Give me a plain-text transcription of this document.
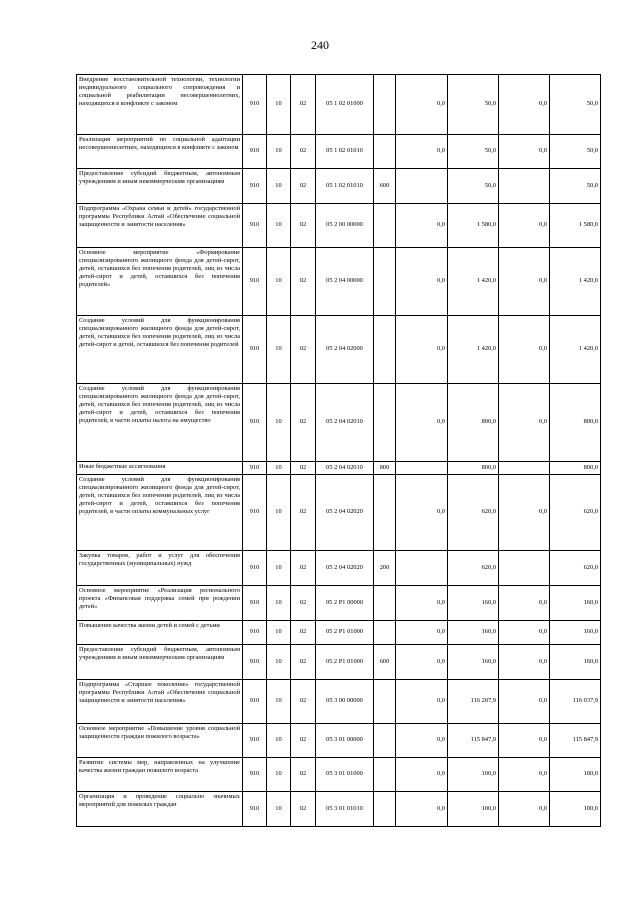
240
Внедрение восстановительной технологии, технологии индивидуального социального сопровождения и социальной реабилитации несовершеннолетних, находящихся в конфликте с законом	910	10	02	05 1 02 01000		0,0	50,0	0,0	50,0
Реализация мероприятий по социальной адаптации несовершеннолетних, находящихся в конфликте с законом	910	10	02	05 1 02 01010		0,0	50,0	0,0	50,0
Предоставление субсидий бюджетным, автономным учреждениям и иным некоммерческим организациям	910	10	02	05 1 02 01010	600		50,0		50,0
Подпрограмма «Охрана семьи и детей» государственной программы Республики Алтай «Обеспечение социальной защищенности и занятости населения»	910	10	02	05 2 00 00000		0,0	1 580,0	0,0	1 580,0
Основное мероприятие «Формирование специализированного жилищного фонда для детей-сирот, детей, оставшихся без попечения родителей, лиц из числа детей-сирот и детей, оставшихся без попечения родителей»	910	10	02	05 2 04 00000		0,0	1 420,0	0,0	1 420,0
Создание условий для функционирования специализированного жилищного фонда для детей-сирот, детей, оставшихся без попечения родителей, лиц из числа детей-сирот и детей, оставшихся без попечения родителей	910	10	02	05 2 04 02000		0,0	1 420,0	0,0	1 420,0
Создание условий для функционирования специализированного жилищного фонда для детей-сирот, детей, оставшихся без попечения родителей, лиц из числа детей-сирот и детей, оставшихся без попечения родителей, в части оплаты налога на имущество	910	10	02	05 2 04 02010		0,0	800,0	0,0	800,0
Иные бюджетные ассигнования	910	10	02	05 2 04 02010	800		800,0		800,0
Создание условий для функционирования специализированного жилищного фонда для детей-сирот, детей, оставшихся без попечения родителей, лиц из числа детей-сирот и детей, оставшихся без попечения родителей, в части оплаты коммунальных услуг	910	10	02	05 2 04 02020		0,0	620,0	0,0	620,0
Закупка товаров, работ и услуг для обеспечения государственных (муниципальных) нужд	910	10	02	05 2 04 02020	200		620,0		620,0
Основное мероприятие «Реализация регионального проекта «Финансовая поддержка семей при рождении детей»	910	10	02	05 2 P1 00000		0,0	160,0	0,0	160,0
Повышение качества жизни детей и семей с детьми	910	10	02	05 2 P1 01000		0,0	160,0	0,0	160,0
Предоставление субсидий бюджетным, автономным учреждениям и иным некоммерческим организациям	910	10	02	05 2 P1 01000	600	0,0	160,0	0,0	160,0
Подпрограмма «Старшее поколение» государственной программы Республики Алтай «Обеспечение социальной защищенности и занятости населения»	910	10	02	05 3 00 00000		0,0	116 207,9	0,0	116 037,9
Основное мероприятие «Повышение уровня социальной защищенности граждан пожилого возраста»	910	10	02	05 3 01 00000		0,0	115 847,9	0,0	115 847,9
Развитие системы мер, направленных на улучшение качества жизни граждан пожилого возраста	910	10	02	05 3 01 01000		0,0	100,0	0,0	100,0
Организация и проведение социально значимых мероприятий для пожилых граждан	910	10	02	05 3 01 01010		0,0	100,0	0,0	100,0
